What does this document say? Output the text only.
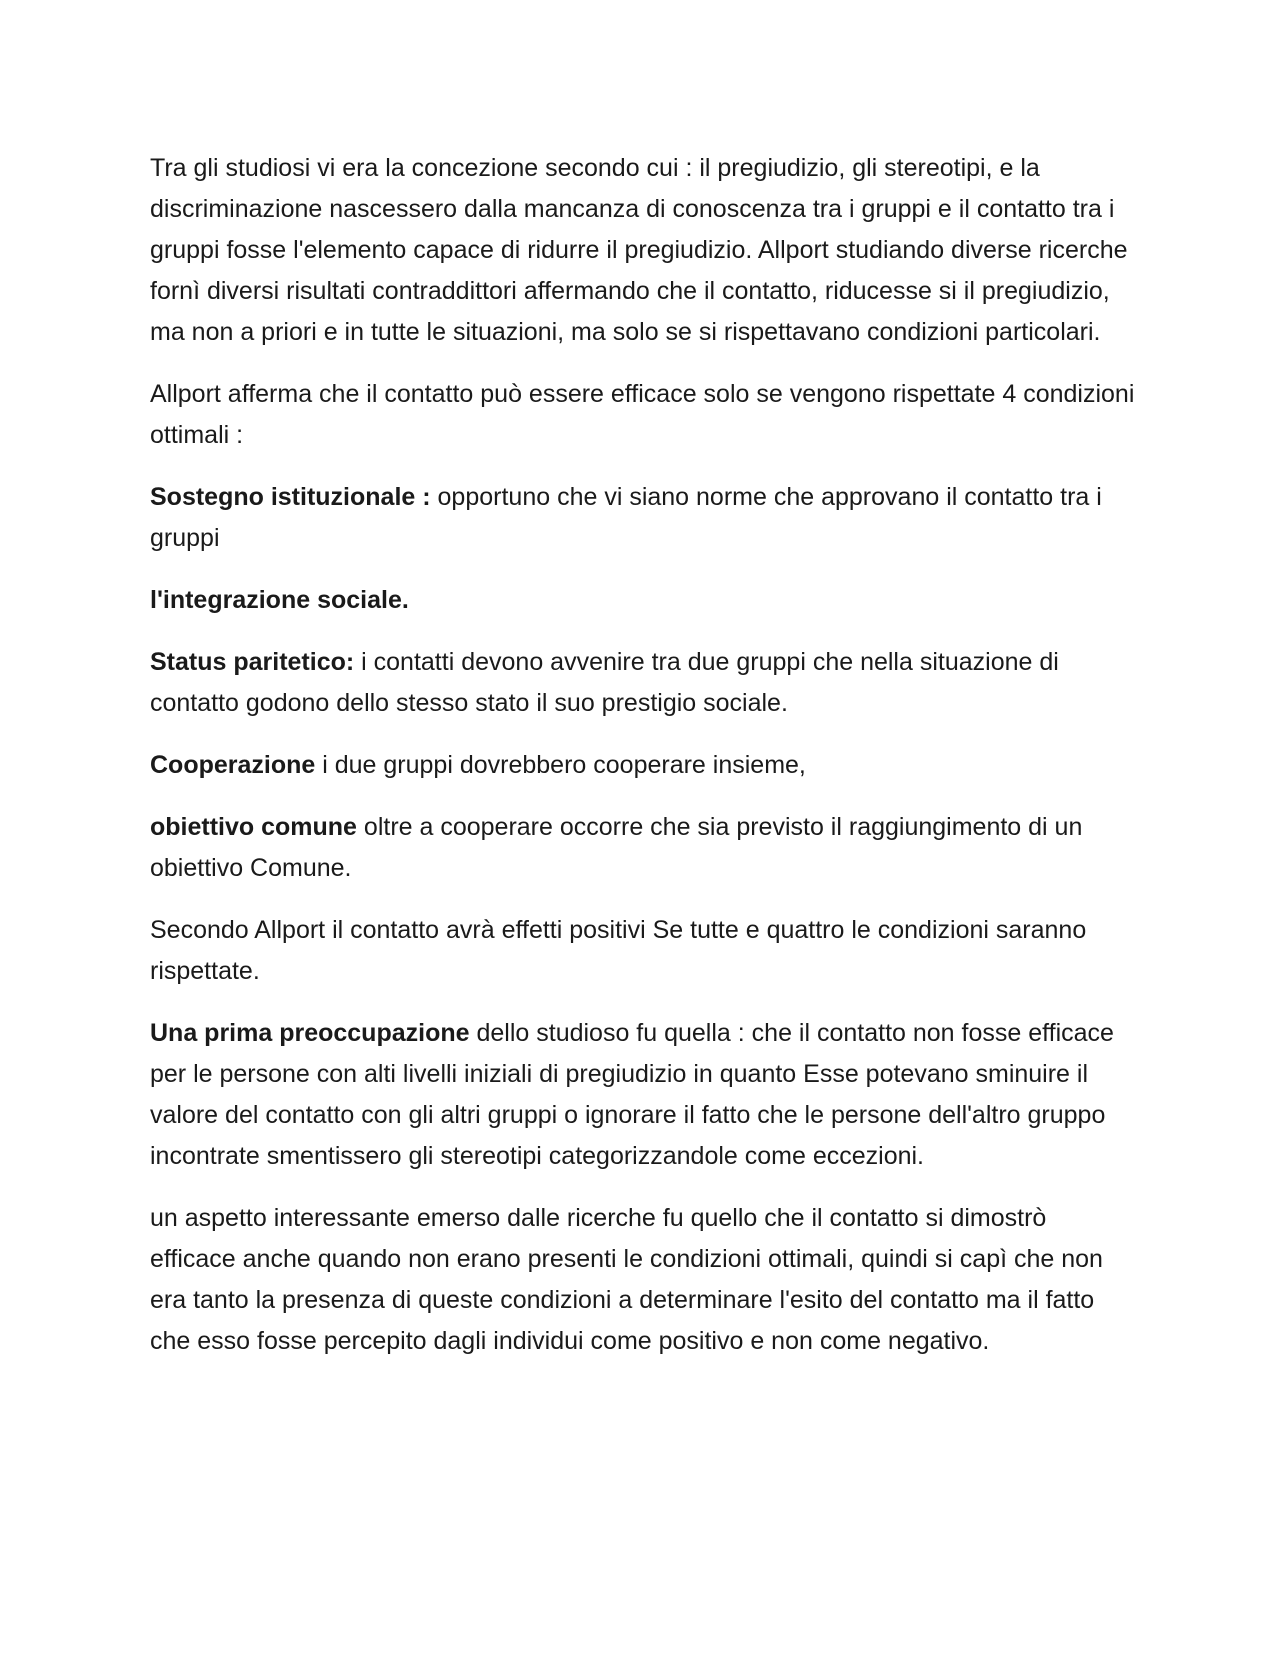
Tra gli studiosi vi era la concezione secondo cui : il pregiudizio, gli stereotipi, e la discriminazione nascessero dalla mancanza di conoscenza tra i gruppi e il contatto tra i gruppi fosse l'elemento capace di ridurre il pregiudizio. Allport studiando diverse ricerche fornì diversi risultati contraddittori affermando che il contatto, riducesse si il pregiudizio, ma non a priori e in tutte le situazioni, ma solo se si rispettavano condizioni particolari.

Allport afferma che il contatto può essere efficace solo se vengono rispettate 4 condizioni ottimali :

Sostegno istituzionale : opportuno che vi siano norme che approvano il contatto tra i gruppi

l'integrazione sociale.

Status paritetico: i contatti devono avvenire tra due gruppi che nella situazione di contatto godono dello stesso stato il suo prestigio sociale.

Cooperazione i due gruppi dovrebbero cooperare insieme,

obiettivo comune oltre a cooperare occorre che sia previsto il raggiungimento di un obiettivo Comune.

Secondo Allport il contatto avrà effetti positivi Se tutte e quattro le condizioni saranno rispettate.

Una prima preoccupazione dello studioso fu quella : che il contatto non fosse efficace per le persone con alti livelli iniziali di pregiudizio in quanto Esse potevano sminuire il valore del contatto con gli altri gruppi o ignorare il fatto che le persone dell'altro gruppo incontrate smentissero gli stereotipi categorizzandole come eccezioni.

un aspetto interessante emerso dalle ricerche fu quello che il contatto si dimostrò efficace anche quando non erano presenti le condizioni ottimali, quindi si capì che non era tanto la presenza di queste condizioni a determinare l'esito del contatto ma il fatto che esso fosse percepito dagli individui come positivo e non come negativo.
